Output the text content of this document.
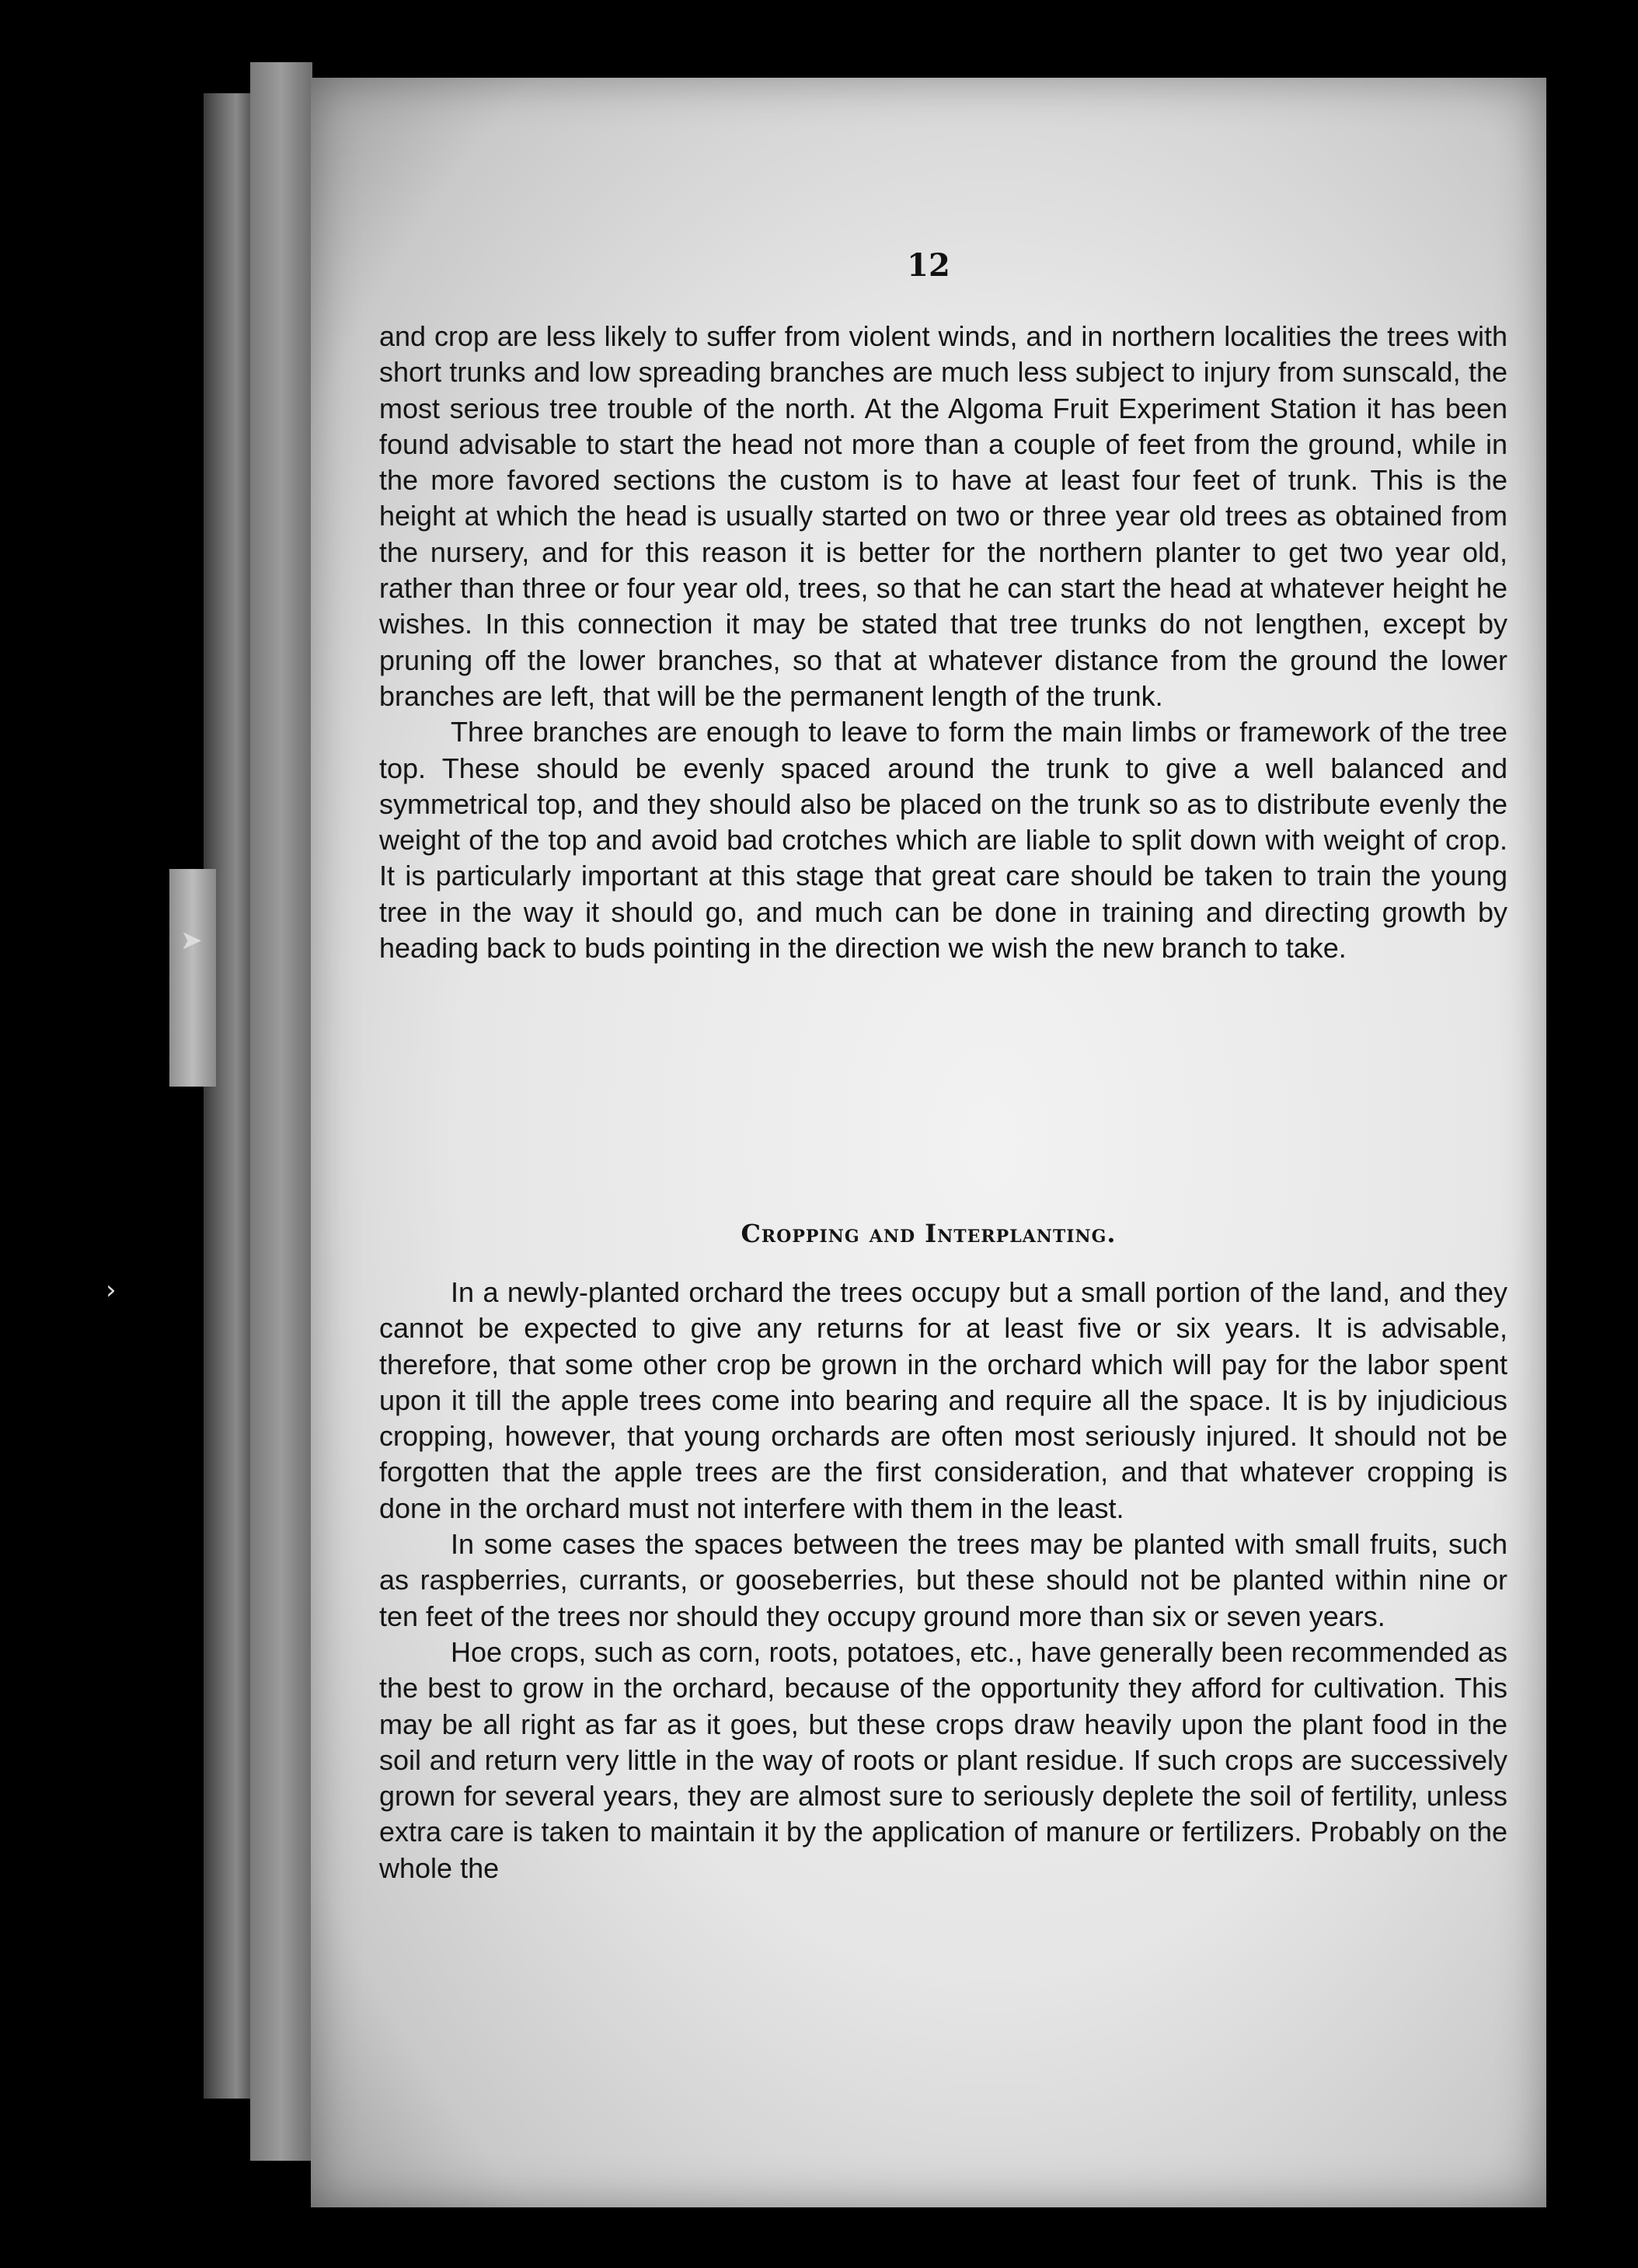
➤
›
12

and crop are less likely to suffer from violent winds, and in northern localities the trees with short trunks and low spreading branches are much less subject to injury from sunscald, the most serious tree trouble of the north. At the Algoma Fruit Experiment Station it has been found advisable to start the head not more than a couple of feet from the ground, while in the more favored sections the custom is to have at least four feet of trunk. This is the height at which the head is usually started on two or three year old trees as obtained from the nursery, and for this reason it is better for the northern planter to get two year old, rather than three or four year old, trees, so that he can start the head at whatever height he wishes. In this connection it may be stated that tree trunks do not lengthen, except by pruning off the lower branches, so that at whatever distance from the ground the lower branches are left, that will be the permanent length of the trunk.

Three branches are enough to leave to form the main limbs or framework of the tree top. These should be evenly spaced around the trunk to give a well balanced and symmetrical top, and they should also be placed on the trunk so as to distribute evenly the weight of the top and avoid bad crotches which are liable to split down with weight of crop. It is particularly important at this stage that great care should be taken to train the young tree in the way it should go, and much can be done in training and directing growth by heading back to buds pointing in the direction we wish the new branch to take.

Cropping and Interplanting.

In a newly-planted orchard the trees occupy but a small portion of the land, and they cannot be expected to give any returns for at least five or six years. It is advisable, therefore, that some other crop be grown in the orchard which will pay for the labor spent upon it till the apple trees come into bearing and require all the space. It is by injudicious cropping, however, that young orchards are often most seriously injured. It should not be forgotten that the apple trees are the first consideration, and that whatever cropping is done in the orchard must not interfere with them in the least.

In some cases the spaces between the trees may be planted with small fruits, such as raspberries, currants, or gooseberries, but these should not be planted within nine or ten feet of the trees nor should they occupy ground more than six or seven years.

Hoe crops, such as corn, roots, potatoes, etc., have generally been recommended as the best to grow in the orchard, because of the opportunity they afford for cultivation. This may be all right as far as it goes, but these crops draw heavily upon the plant food in the soil and return very little in the way of roots or plant residue. If such crops are successively grown for several years, they are almost sure to seriously deplete the soil of fertility, unless extra care is taken to maintain it by the application of manure or fertilizers. Probably on the whole the
